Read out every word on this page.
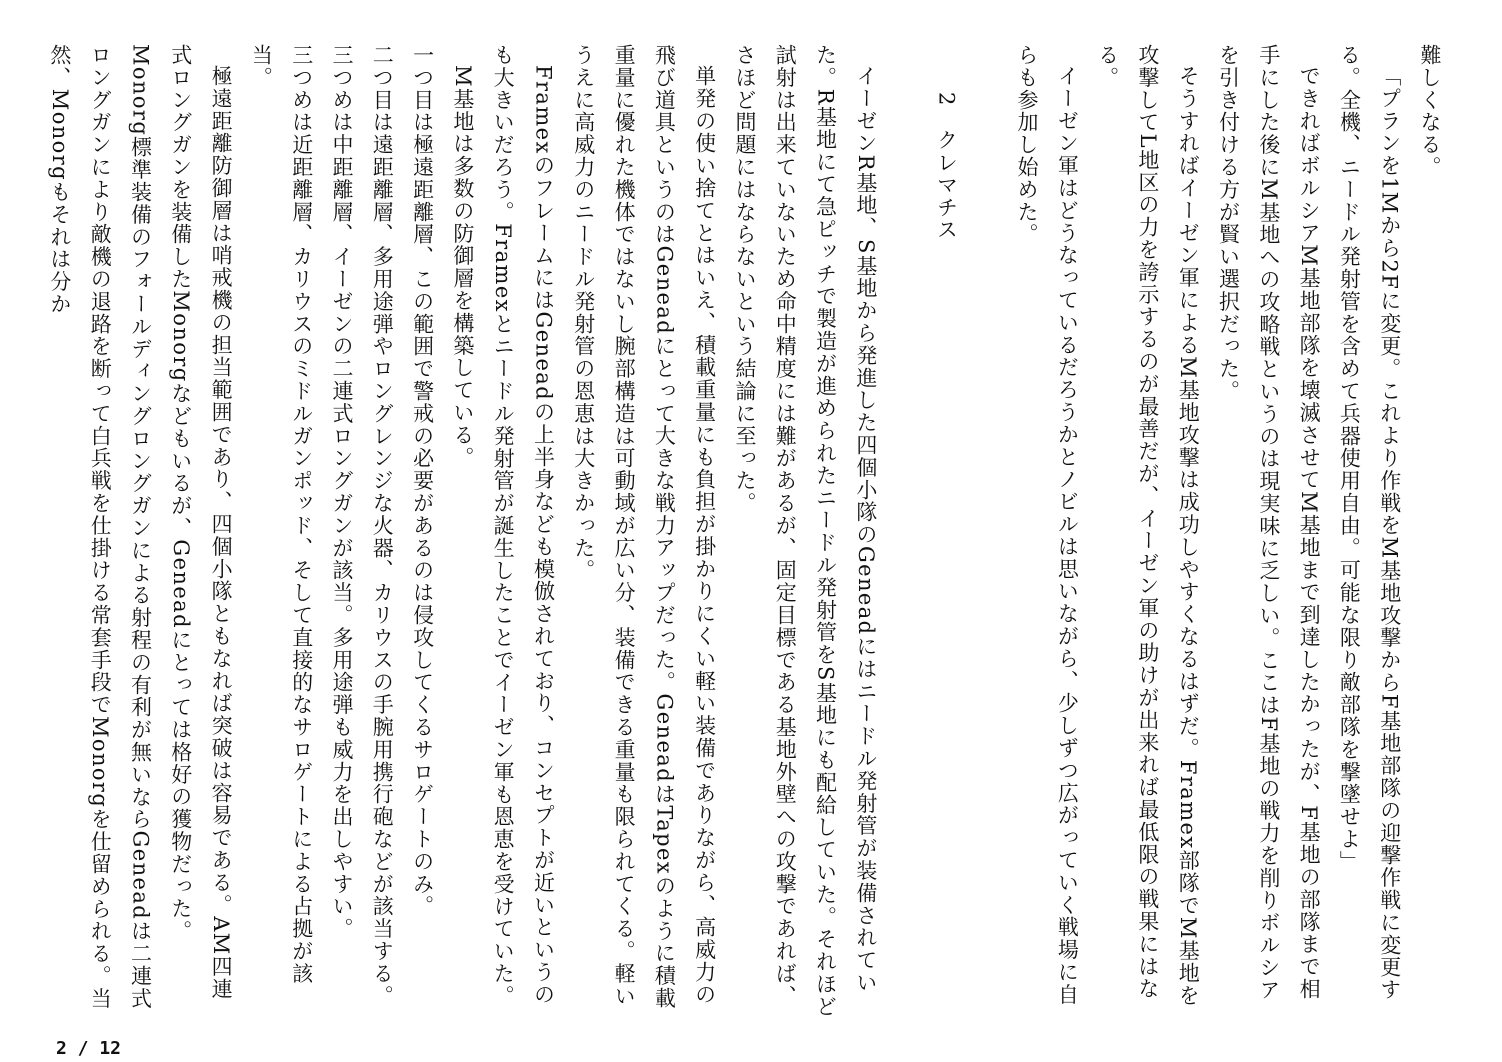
難しくなる。

「プランを1Mから2Fに変更。これより作戦をM基地攻撃からF基地部隊の迎撃作戦に変更する。全機、ニードル発射管を含めて兵器使用自由。可能な限り敵部隊を撃墜せよ」

できればボルシアM基地部隊を壊滅させてM基地まで到達したかったが、F基地の部隊まで相手にした後にM基地への攻略戦というのは現実味に乏しい。ここはF基地の戦力を削りボルシアを引き付ける方が賢い選択だった。

そうすればイーゼン軍によるM基地攻撃は成功しやすくなるはずだ。Framex部隊でM基地を攻撃してL地区の力を誇示するのが最善だが、イーゼン軍の助けが出来れば最低限の戦果にはなる。

イーゼン軍はどうなっているだろうかとノビルは思いながら、少しずつ広がっていく戦場に自らも参加し始めた。

2　クレマチス

イーゼンR基地、S基地から発進した四個小隊のGeneadにはニードル発射管が装備されていた。R基地にて急ピッチで製造が進められたニードル発射管をS基地にも配給していた。それほど試射は出来ていないため命中精度には難があるが、固定目標である基地外壁への攻撃であれば、さほど問題にはならないという結論に至った。

単発の使い捨てとはいえ、積載重量にも負担が掛かりにくい軽い装備でありながら、高威力の飛び道具というのはGeneadにとって大きな戦力アップだった。GeneadはTapexのように積載重量に優れた機体ではないし腕部構造は可動域が広い分、装備できる重量も限られてくる。軽いうえに高威力のニードル発射管の恩恵は大きかった。

FramexのフレームにはGeneadの上半身なども模倣されており、コンセプトが近いというのも大きいだろう。Framexとニードル発射管が誕生したことでイーゼン軍も恩恵を受けていた。

M基地は多数の防御層を構築している。

一つ目は極遠距離層、この範囲で警戒の必要があるのは侵攻してくるサロゲートのみ。

二つ目は遠距離層、多用途弾やロングレンジな火器、カリウスの手腕用携行砲などが該当する。

三つめは中距離層、イーゼンの二連式ロングガンが該当。多用途弾も威力を出しやすい。

三つめは近距離層、カリウスのミドルガンポッド、そして直接的なサロゲートによる占拠が該当。

極遠距離防御層は哨戒機の担当範囲であり、四個小隊ともなれば突破は容易である。AM四連式ロングガンを装備したMonorgなどもいるが、Geneadにとっては格好の獲物だった。Monorg標準装備のフォールディングロングガンによる射程の有利が無いならGeneadは二連式ロングガンにより敵機の退路を断って白兵戦を仕掛ける常套手段でMonorgを仕留められる。当然、Monorgもそれは分か

2 / 12
